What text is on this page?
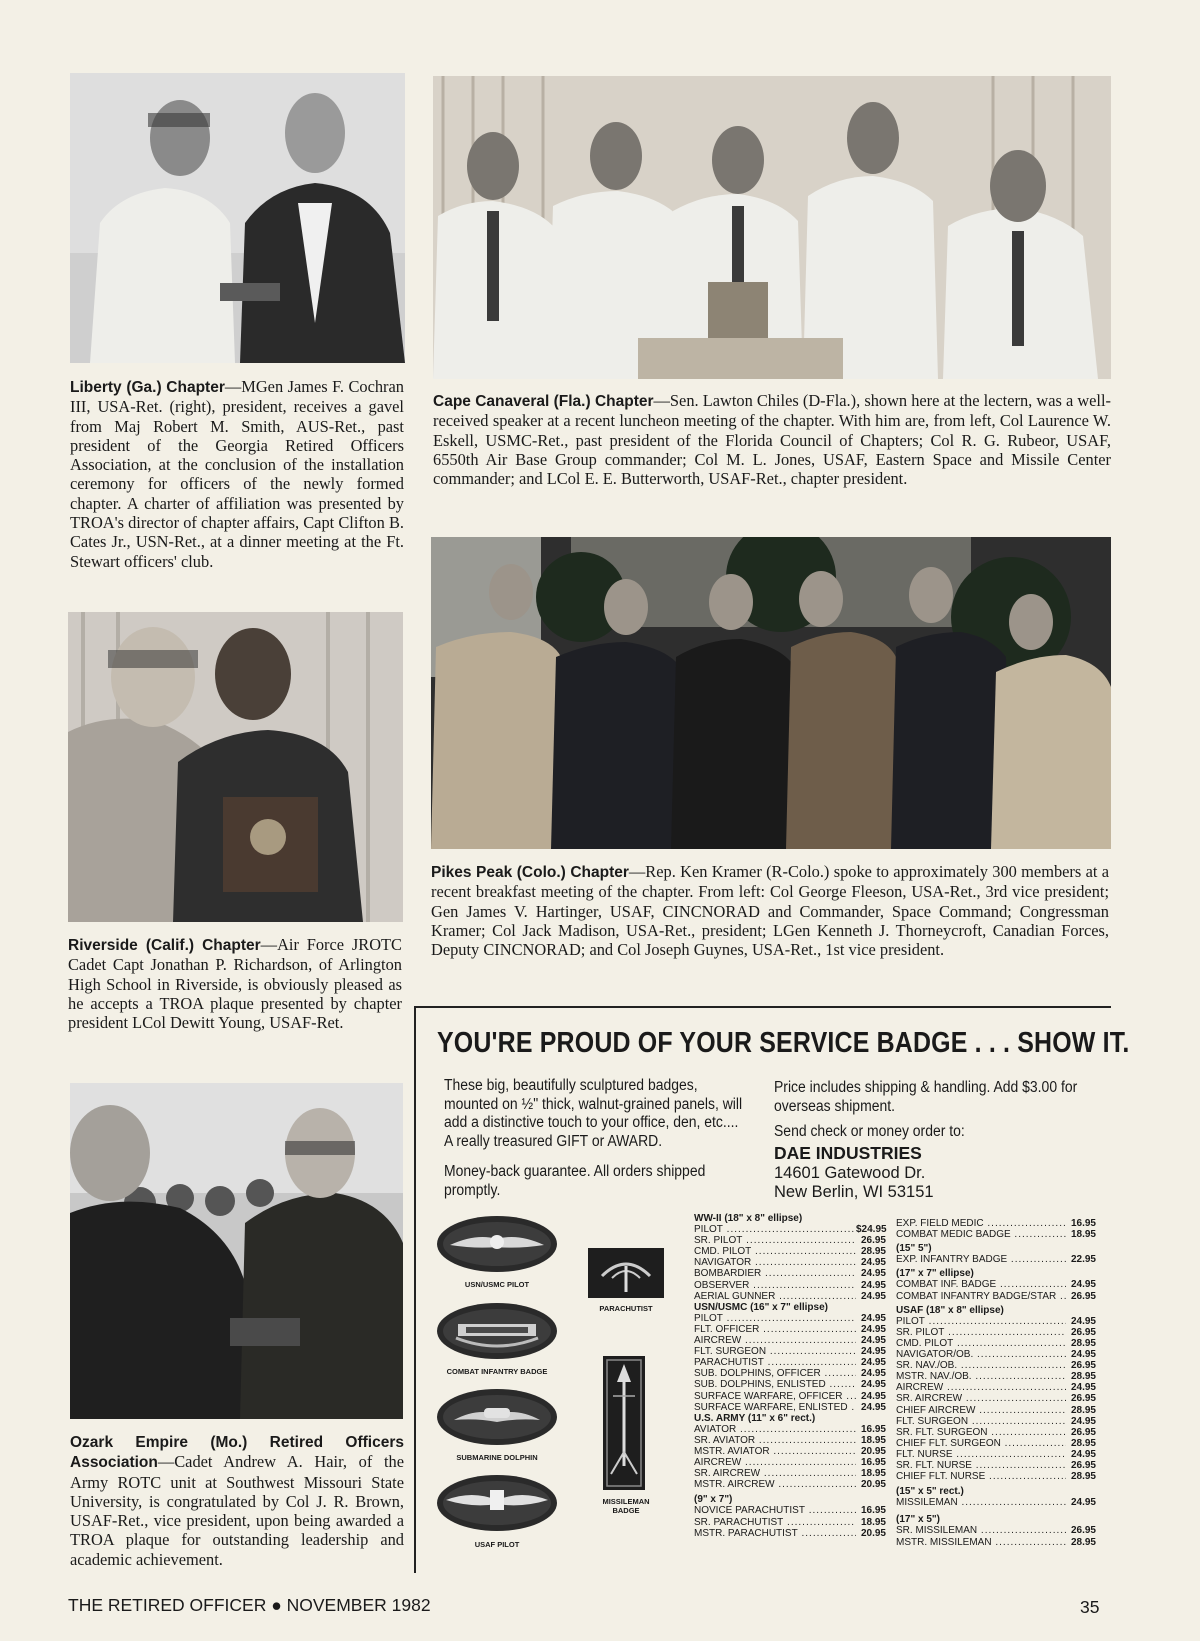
Liberty (Ga.) Chapter—MGen James F. Cochran III, USA-Ret. (right), president, receives a gavel from Maj Robert M. Smith, AUS-Ret., past president of the Georgia Retired Officers Association, at the conclusion of the installation ceremony for officers of the newly formed chapter. A charter of affiliation was presented by TROA's director of chapter affairs, Capt Clifton B. Cates Jr., USN-Ret., at a dinner meeting at the Ft. Stewart officers' club.
Cape Canaveral (Fla.) Chapter—Sen. Lawton Chiles (D-Fla.), shown here at the lectern, was a well-received speaker at a recent luncheon meeting of the chapter. With him are, from left, Col Laurence W. Eskell, USMC-Ret., past president of the Florida Council of Chapters; Col R. G. Rubeor, USAF, 6550th Air Base Group commander; Col M. L. Jones, USAF, Eastern Space and Missile Center commander; and LCol E. E. Butterworth, USAF-Ret., chapter president.
Riverside (Calif.) Chapter—Air Force JROTC Cadet Capt Jonathan P. Richardson, of Arlington High School in Riverside, is obviously pleased as he accepts a TROA plaque presented by chapter president LCol Dewitt Young, USAF-Ret.
Pikes Peak (Colo.) Chapter—Rep. Ken Kramer (R-Colo.) spoke to approximately 300 members at a recent breakfast meeting of the chapter. From left: Col George Fleeson, USA-Ret., 3rd vice president; Gen James V. Hartinger, USAF, CINCNORAD and Commander, Space Command; Congressman Kramer; Col Jack Madison, USA-Ret., president; LGen Kenneth J. Thorneycroft, Canadian Forces, Deputy CINCNORAD; and Col Joseph Guynes, USA-Ret., 1st vice president.
Ozark Empire (Mo.) Retired Officers Association—Cadet Andrew A. Hair, of the Army ROTC unit at Southwest Missouri State University, is congratulated by Col J. R. Brown, USAF-Ret., vice president, upon being awarded a TROA plaque for outstanding leadership and academic achievement.
YOU'RE PROUD OF YOUR SERVICE BADGE . . . SHOW IT.
These big, beautifully sculptured badges, mounted on ½" thick, walnut-grained panels, will add a distinctive touch to your office, den, etc.... A really treasured GIFT or AWARD.
Money-back guarantee. All orders shipped promptly.
Price includes shipping & handling. Add $3.00 for overseas shipment.
Send check or money order to:
DAE INDUSTRIES
14601 Gatewood Dr.
New Berlin, WI 53151
USN/USMC PILOT
COMBAT INFANTRY BADGE
SUBMARINE DOLPHIN
USAF PILOT
PARACHUTIST
MISSILEMAN BADGE
WW-II (18" x 8" ellipse)
PILOT .....	$24.95
SR. PILOT .....	26.95
CMD. PILOT .....	28.95
NAVIGATOR .....	24.95
BOMBARDIER .....	24.95
OBSERVER .....	24.95
AERIAL GUNNER .....	24.95
USN/USMC (16" x 7" ellipse)
PILOT .....	24.95
FLT. OFFICER .....	24.95
AIRCREW .....	24.95
FLT. SURGEON .....	24.95
PARACHUTIST .....	24.95
SUB. DOLPHINS, OFFICER .....	24.95
SUB. DOLPHINS, ENLISTED .....	24.95
SURFACE WARFARE, OFFICER .....	24.95
SURFACE WARFARE, ENLISTED .....	24.95
U.S. ARMY (11" x 6" rect.)
AVIATOR .....	16.95
SR. AVIATOR .....	18.95
MSTR. AVIATOR .....	20.95
AIRCREW .....	16.95
SR. AIRCREW .....	18.95
MSTR. AIRCREW .....	20.95
(9" x 7")
NOVICE PARACHUTIST .....	16.95
SR. PARACHUTIST .....	18.95
MSTR. PARACHUTIST .....	20.95
EXP. FIELD MEDIC .....	16.95
COMBAT MEDIC BADGE .....	18.95
(15" 5")
EXP. INFANTRY BADGE .....	22.95
(17" x 7" ellipse)
COMBAT INF. BADGE .....	24.95
COMBAT INFANTRY BADGE/STAR .....	26.95
USAF (18" x 8" ellipse)
PILOT .....	24.95
SR. PILOT .....	26.95
CMD. PILOT .....	28.95
NAVIGATOR/OB. .....	24.95
SR. NAV./OB. .....	26.95
MSTR. NAV./OB. .....	28.95
AIRCREW .....	24.95
SR. AIRCREW .....	26.95
CHIEF AIRCREW .....	28.95
FLT. SURGEON .....	24.95
SR. FLT. SURGEON .....	26.95
CHIEF FLT. SURGEON .....	28.95
FLT. NURSE .....	24.95
SR. FLT. NURSE .....	26.95
CHIEF FLT. NURSE .....	28.95
(15" x 5" rect.)
MISSILEMAN .....	24.95
(17" x 5")
SR. MISSILEMAN .....	26.95
MSTR. MISSILEMAN .....	28.95
THE RETIRED OFFICER ● NOVEMBER 1982	35
